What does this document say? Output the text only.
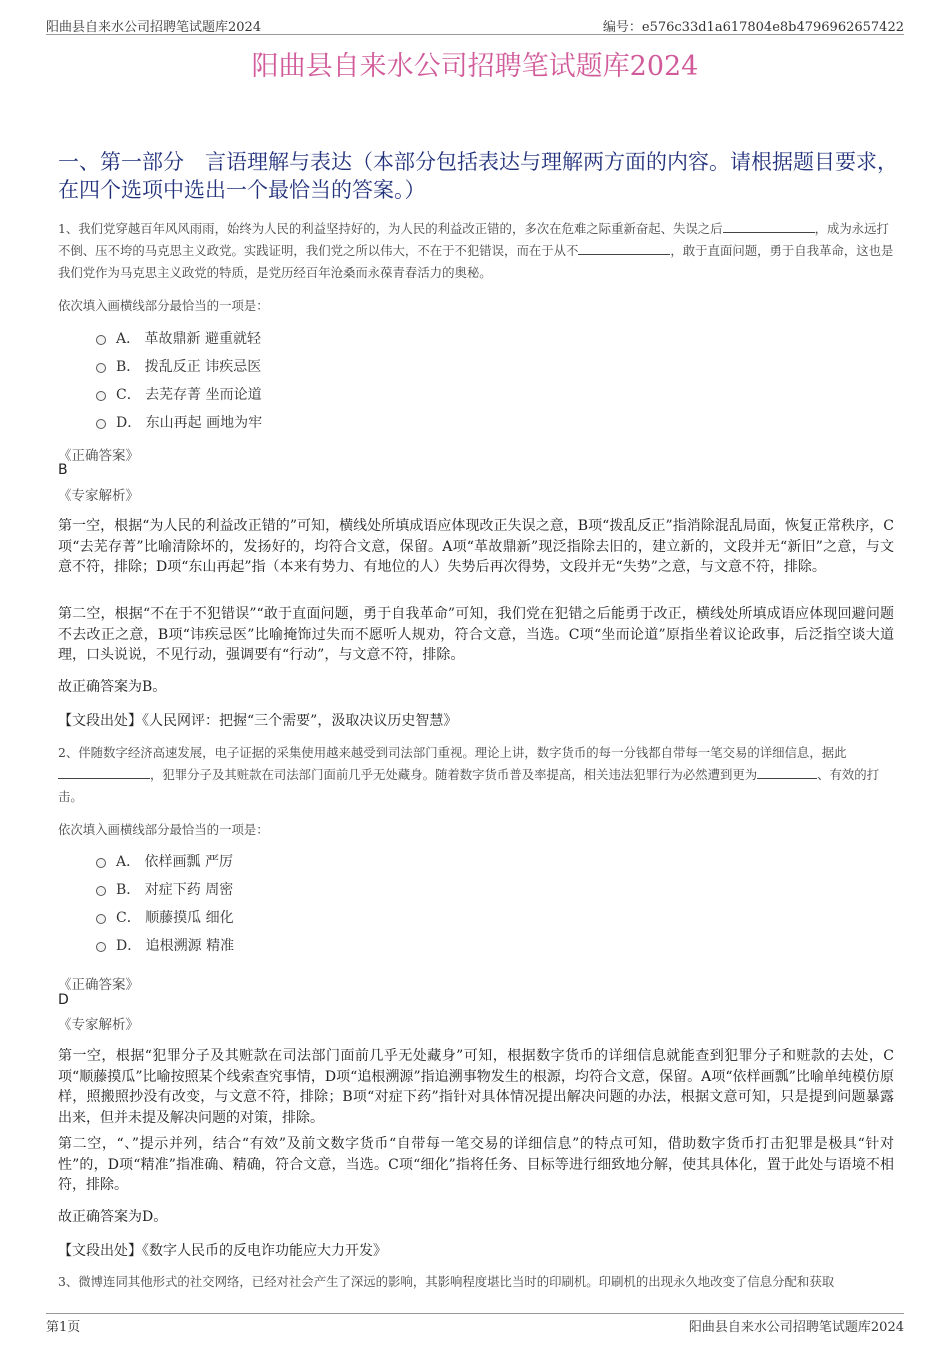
阳曲县自来水公司招聘笔试题库2024	编号：e576c33d1a617804e8b4796962657422
阳曲县自来水公司招聘笔试题库2024
一、第一部分　言语理解与表达（本部分包括表达与理解两方面的内容。请根据题目要求，在四个选项中选出一个最恰当的答案。）
1、我们党穿越百年风风雨雨，始终为人民的利益坚持好的，为人民的利益改正错的，多次在危难之际重新奋起、失误之后	，成为永远打不倒、压不垮的马克思主义政党。实践证明，我们党之所以伟大，不在于不犯错误，而在于从不	，敢于直面问题，勇于自我革命，这也是我们党作为马克思主义政党的特质，是党历经百年沧桑而永葆青春活力的奥秘。
依次填入画横线部分最恰当的一项是：
A． 革故鼎新 避重就轻
B． 拨乱反正 讳疾忌医
C． 去芜存菁 坐而论道
D． 东山再起 画地为牢
《正确答案》
B
《专家解析》
第一空，根据“为人民的利益改正错的”可知，横线处所填成语应体现改正失误之意，B项“拨乱反正”指消除混乱局面，恢复正常秩序，C项“去芜存菁”比喻清除坏的，发扬好的，均符合文意，保留。A项“革故鼎新”现泛指除去旧的，建立新的，文段并无“新旧”之意，与文意不符，排除；D项“东山再起”指（本来有势力、有地位的人）失势后再次得势，文段并无“失势”之意，与文意不符，排除。
第二空，根据“不在于不犯错误”“敢于直面问题，勇于自我革命”可知，我们党在犯错之后能勇于改正，横线处所填成语应体现回避问题不去改正之意，B项“讳疾忌医”比喻掩饰过失而不愿听人规劝，符合文意，当选。C项“坐而论道”原指坐着议论政事，后泛指空谈大道理，口头说说，不见行动，强调要有“行动”，与文意不符，排除。
故正确答案为B。
【文段出处】《人民网评：把握“三个需要”，汲取决议历史智慧》
2、伴随数字经济高速发展，电子证据的采集使用越来越受到司法部门重视。理论上讲，数字货币的每一分钱都自带每一笔交易的详细信息，据此，犯罪分子及其赃款在司法部门面前几乎无处藏身。随着数字货币普及率提高，相关违法犯罪行为必然遭到更为	、有效的打击。
依次填入画横线部分最恰当的一项是：
A． 依样画瓢 严厉
B． 对症下药 周密
C． 顺藤摸瓜 细化
D． 追根溯源 精准
《正确答案》
D
《专家解析》
第一空，根据“犯罪分子及其赃款在司法部门面前几乎无处藏身”可知，根据数字货币的详细信息就能查到犯罪分子和赃款的去处，C项“顺藤摸瓜”比喻按照某个线索查究事情，D项“追根溯源”指追溯事物发生的根源，均符合文意，保留。A项“依样画瓢”比喻单纯模仿原样，照搬照抄没有改变，与文意不符，排除；B项“对症下药”指针对具体情况提出解决问题的办法，根据文意可知，只是提到问题暴露出来，但并未提及解决问题的对策，排除。
第二空，“、”提示并列，结合“有效”及前文数字货币“自带每一笔交易的详细信息”的特点可知，借助数字货币打击犯罪是极具“针对性”的，D项“精准”指准确、精确，符合文意，当选。C项“细化”指将任务、目标等进行细致地分解，使其具体化，置于此处与语境不相符，排除。
故正确答案为D。
【文段出处】《数字人民币的反电诈功能应大力开发》
3、微博连同其他形式的社交网络，已经对社会产生了深远的影响，其影响程度堪比当时的印刷机。印刷机的出现永久地改变了信息分配和获取
第1页	阳曲县自来水公司招聘笔试题库2024
